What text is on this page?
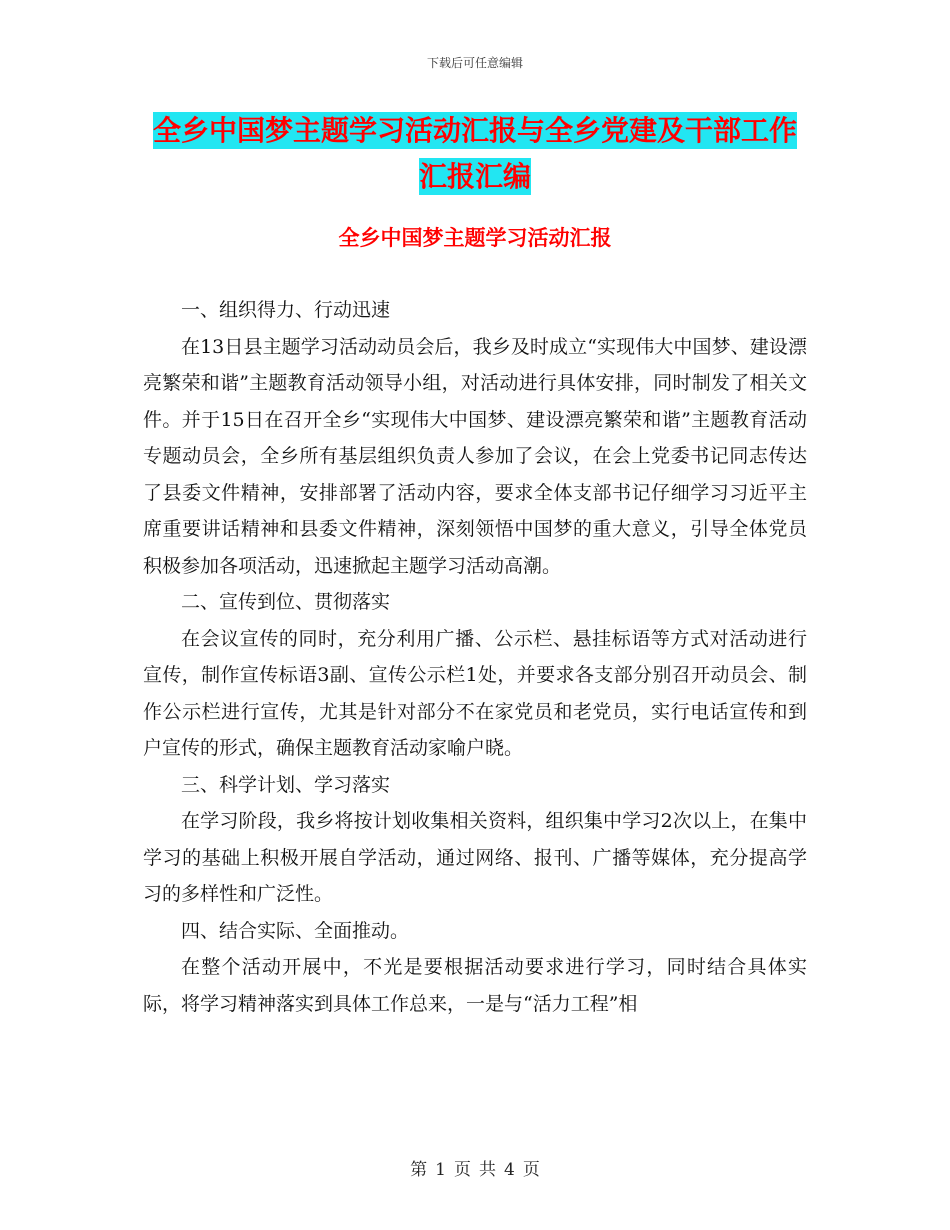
下载后可任意编辑
全乡中国梦主题学习活动汇报与全乡党建及干部工作
汇报汇编
全乡中国梦主题学习活动汇报

一、组织得力、行动迅速

在13日县主题学习活动动员会后，我乡及时成立“实现伟大中国梦、建设漂亮繁荣和谐”主题教育活动领导小组，对活动进行具体安排，同时制发了相关文件。并于15日在召开全乡“实现伟大中国梦、建设漂亮繁荣和谐”主题教育活动专题动员会，全乡所有基层组织负责人参加了会议，在会上党委书记同志传达了县委文件精神，安排部署了活动内容，要求全体支部书记仔细学习习近平主席重要讲话精神和县委文件精神，深刻领悟中国梦的重大意义，引导全体党员积极参加各项活动，迅速掀起主题学习活动高潮。

二、宣传到位、贯彻落实

在会议宣传的同时，充分利用广播、公示栏、悬挂标语等方式对活动进行宣传，制作宣传标语3副、宣传公示栏1处，并要求各支部分别召开动员会、制作公示栏进行宣传，尤其是针对部分不在家党员和老党员，实行电话宣传和到户宣传的形式，确保主题教育活动家喻户晓。

三、科学计划、学习落实

在学习阶段，我乡将按计划收集相关资料，组织集中学习2次以上，在集中学习的基础上积极开展自学活动，通过网络、报刊、广播等媒体，充分提高学习的多样性和广泛性。

四、结合实际、全面推动。

在整个活动开展中，不光是要根据活动要求进行学习，同时结合具体实际，将学习精神落实到具体工作总来，一是与“活力工程”相

第 1 页 共 4 页
